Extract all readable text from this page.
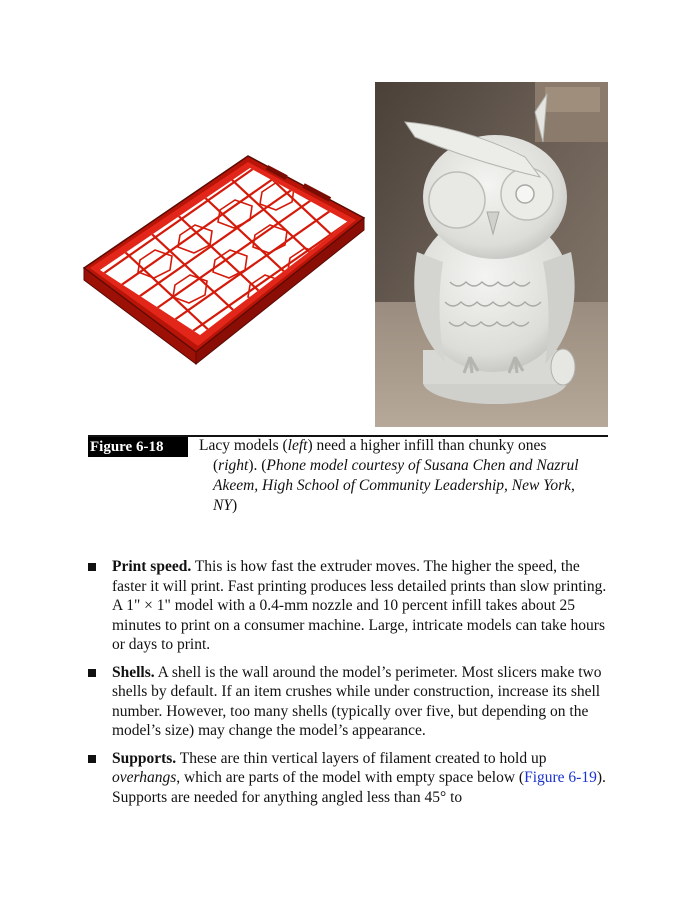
Figure 6-18	Lacy models (left) need a higher infill than chunky ones
(right). (Phone model courtesy of Susana Chen and Nazrul Akeem, High School of Community Leadership, New York, NY)
Print speed. This is how fast the extruder moves. The higher the speed, the faster it will print. Fast printing produces less detailed prints than slow printing. A 1" × 1" model with a 0.4-mm nozzle and 10 percent infill takes about 25 minutes to print on a consumer machine. Large, intricate models can take hours or days to print.
Shells. A shell is the wall around the model’s perimeter. Most slicers make two shells by default. If an item crushes while under construction, increase its shell number. However, too many shells (typically over five, but depending on the model’s size) may change the model’s appearance.
Supports. These are thin vertical layers of filament created to hold up overhangs, which are parts of the model with empty space below (Figure 6-19). Supports are needed for anything angled less than 45° to
